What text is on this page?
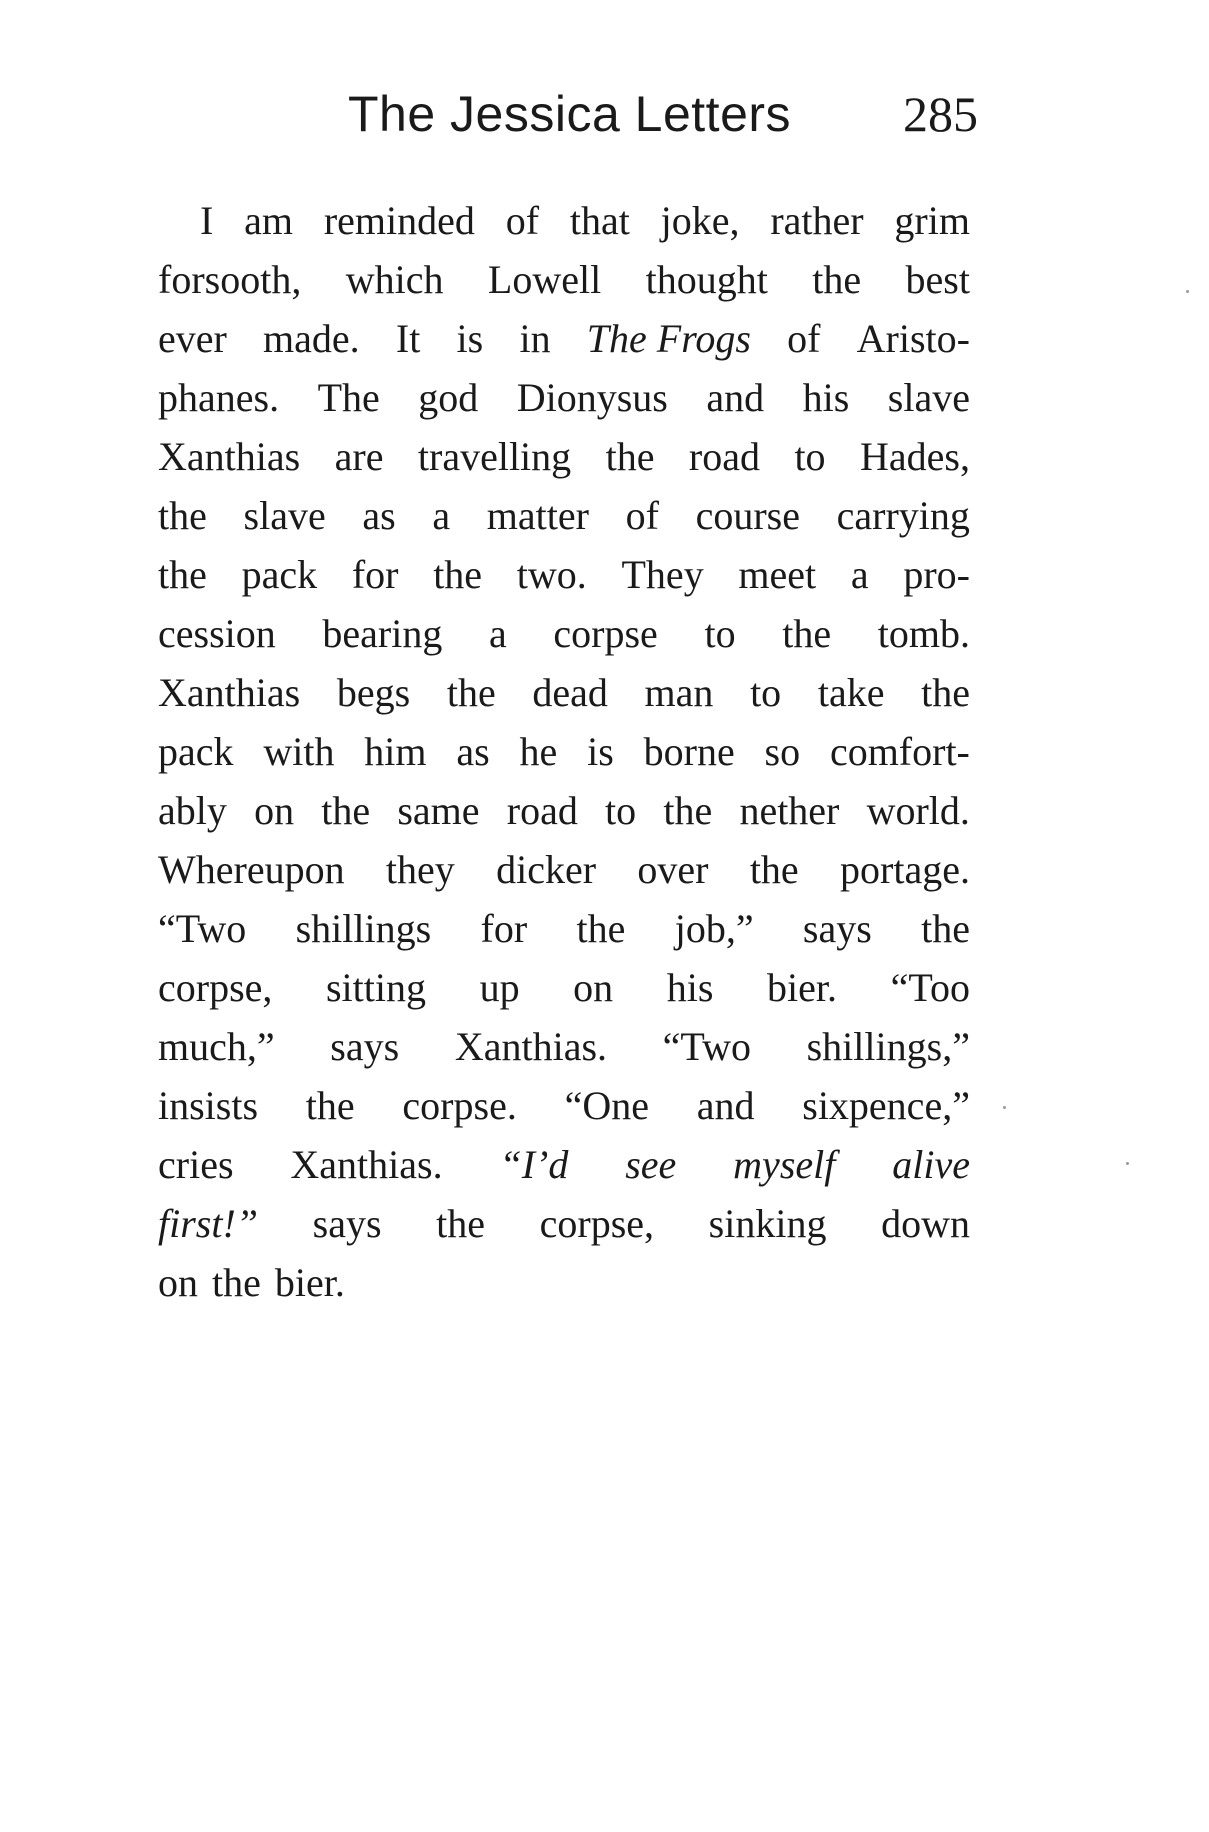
The Jessica Letters 285
I am reminded of that joke, rather grim
forsooth, which Lowell thought the best
ever made. It is in The Frogs of Aristo-
phanes. The god Dionysus and his slave
Xanthias are travelling the road to Hades,
the slave as a matter of course carrying
the pack for the two. They meet a pro-
cession bearing a corpse to the tomb.
Xanthias begs the dead man to take the
pack with him as he is borne so comfort-
ably on the same road to the nether world.
Whereupon they dicker over the portage.
“Two shillings for the job,” says the
corpse, sitting up on his bier. “Too
much,” says Xanthias. “Two shillings,”
insists the corpse. “One and sixpence,”
cries Xanthias. “I’d see myself alive
first!” says the corpse, sinking down
on the bier.
